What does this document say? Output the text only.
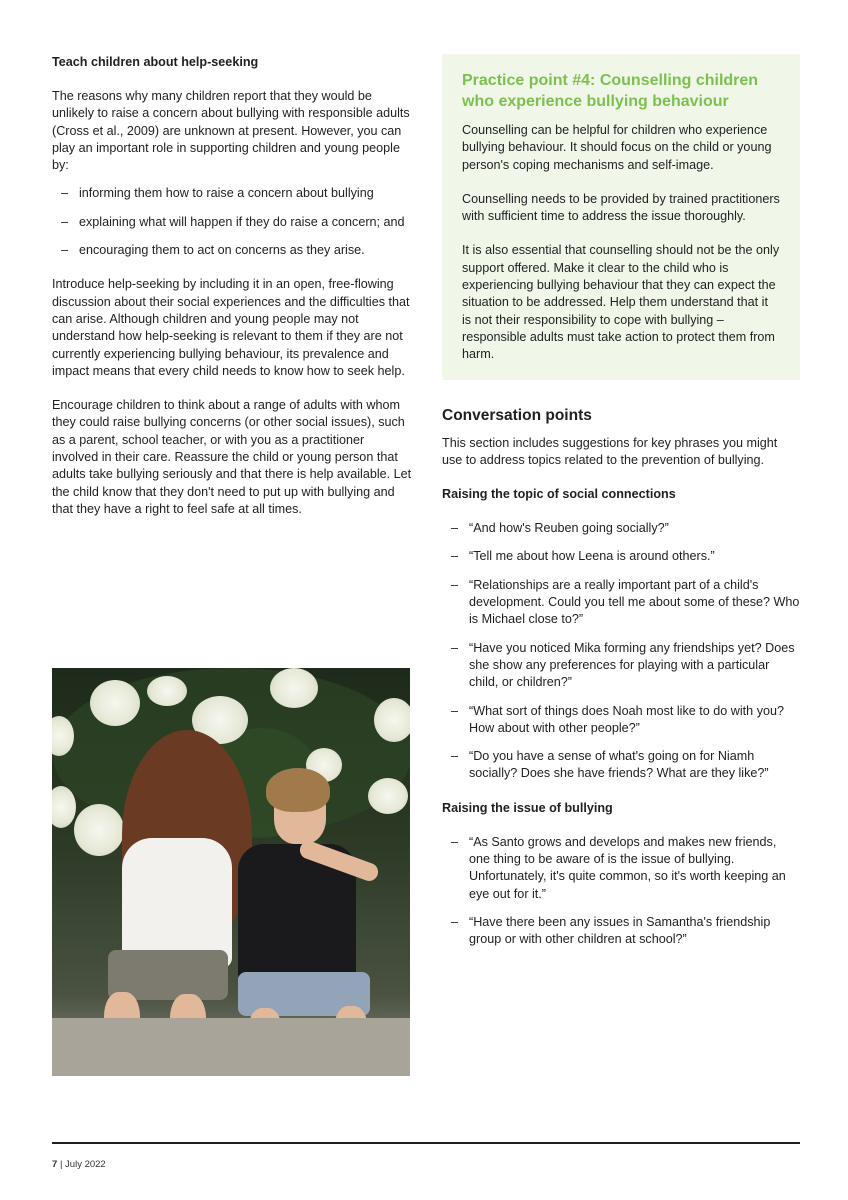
Teach children about help-seeking

The reasons why many children report that they would be unlikely to raise a concern about bullying with responsible adults (Cross et al., 2009) are unknown at present. However, you can play an important role in supporting children and young people by:

– informing them how to raise a concern about bullying
– explaining what will happen if they do raise a concern; and
– encouraging them to act on concerns as they arise.

Introduce help-seeking by including it in an open, free-flowing discussion about their social experiences and the difficulties that can arise. Although children and young people may not understand how help-seeking is relevant to them if they are not currently experiencing bullying behaviour, its prevalence and impact means that every child needs to know how to seek help.

Encourage children to think about a range of adults with whom they could raise bullying concerns (or other social issues), such as a parent, school teacher, or with you as a practitioner involved in their care. Reassure the child or young person that adults take bullying seriously and that there is help available. Let the child know that they don't need to put up with bullying and that they have a right to feel safe at all times.

Practice point #4: Counselling children who experience bullying behaviour

Counselling can be helpful for children who experience bullying behaviour. It should focus on the child or young person's coping mechanisms and self-image.

Counselling needs to be provided by trained practitioners with sufficient time to address the issue thoroughly.

It is also essential that counselling should not be the only support offered. Make it clear to the child who is experiencing bullying behaviour that they can expect the situation to be addressed. Help them understand that it is not their responsibility to cope with bullying – responsible adults must take action to protect them from harm.

Conversation points

This section includes suggestions for key phrases you might use to address topics related to the prevention of bullying.

Raising the topic of social connections
– “And how's Reuben going socially?”
– “Tell me about how Leena is around others.”
– “Relationships are a really important part of a child's development. Could you tell me about some of these? Who is Michael close to?”
– “Have you noticed Mika forming any friendships yet? Does she show any preferences for playing with a particular child, or children?”
– “What sort of things does Noah most like to do with you? How about with other people?”
– “Do you have a sense of what's going on for Niamh socially? Does she have friends? What are they like?”
Raising the issue of bullying
– “As Santo grows and develops and makes new friends, one thing to be aware of is the issue of bullying. Unfortunately, it's quite common, so it's worth keeping an eye out for it.”
– “Have there been any issues in Samantha's friendship group or with other children at school?”
7 | July 2022
